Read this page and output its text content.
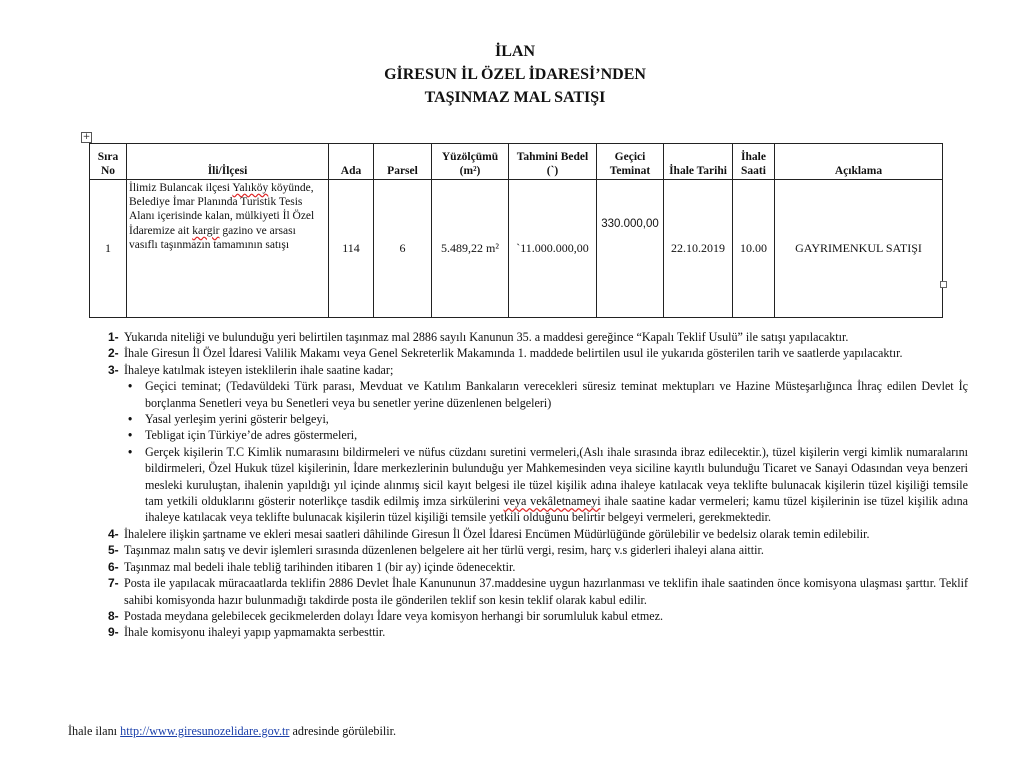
İLAN
GİRESUN İL ÖZEL İDARESİ’NDEN
TAŞINMAZ MAL SATIŞI
+
Sıra No	İli/İlçesi	Ada	Parsel	Yüzölçümü (m²)	Tahmini Bedel (`)	Geçici Teminat	İhale Tarihi	İhale Saati	Açıklama
1	İlimiz Bulancak ilçesi Yalıköy köyünde, Belediye İmar Planında Turistik Tesis Alanı içerisinde kalan, mülkiyeti İl Özel İdaremize ait kargir gazino ve arsası vasıflı taşınmazın tamamının satışı	114	6	5.489,22 m²	`11.000.000,00	330.000,00	22.10.2019	10.00	GAYRIMENKUL SATIŞI
1- Yukarıda niteliği ve bulunduğu yeri belirtilen taşınmaz mal 2886 sayılı Kanunun 35. a maddesi gereğince “Kapalı Teklif Usulü” ile satışı yapılacaktır.
2- İhale Giresun İl Özel İdaresi Valilik Makamı veya Genel Sekreterlik Makamında 1. maddede belirtilen usul ile yukarıda gösterilen tarih ve saatlerde yapılacaktır.
3- İhaleye katılmak isteyen isteklilerin ihale saatine kadar;
• Geçici teminat; (Tedavüldeki Türk parası, Mevduat ve Katılım Bankaların verecekleri süresiz teminat mektupları ve Hazine Müsteşarlığınca İhraç edilen Devlet İç borçlanma Senetleri veya bu Senetleri veya bu senetler yerine düzenlenen belgeleri)
• Yasal yerleşim yerini gösterir belgeyi,
• Tebligat için Türkiye’de adres göstermeleri,
• Gerçek kişilerin T.C Kimlik numarasını bildirmeleri ve nüfus cüzdanı suretini vermeleri,(Aslı ihale sırasında ibraz edilecektir.), tüzel kişilerin vergi kimlik numaralarını bildirmeleri, Özel Hukuk tüzel kişilerinin, İdare merkezlerinin bulunduğu yer Mahkemesinden veya siciline kayıtlı bulunduğu Ticaret ve Sanayi Odasından veya benzeri mesleki kuruluştan, ihalenin yapıldığı yıl içinde alınmış sicil kayıt belgesi ile tüzel kişilik adına ihaleye katılacak veya teklifte bulunacak kişilerin tüzel kişiliği temsile tam yetkili olduklarını gösterir noterlikçe tasdik edilmiş imza sirkülerini veya vekâletnameyi ihale saatine kadar vermeleri; kamu tüzel kişilerinin ise tüzel kişilik adına ihaleye katılacak veya teklifte bulunacak kişilerin tüzel kişiliği temsile yetkili olduğunu belirtir belgeyi vermeleri, gerekmektedir.
4- İhalelere ilişkin şartname ve ekleri mesai saatleri dâhilinde Giresun İl Özel İdaresi Encümen Müdürlüğünde görülebilir ve bedelsiz olarak temin edilebilir.
5- Taşınmaz malın satış ve devir işlemleri sırasında düzenlenen belgelere ait her türlü vergi, resim, harç v.s giderleri ihaleyi alana aittir.
6- Taşınmaz mal bedeli ihale tebliğ tarihinden itibaren 1 (bir ay) içinde ödenecektir.
7- Posta ile yapılacak müracaatlarda teklifin 2886 Devlet İhale Kanununun 37.maddesine uygun hazırlanması ve teklifin ihale saatinden önce komisyona ulaşması şarttır. Teklif sahibi komisyonda hazır bulunmadığı takdirde posta ile gönderilen teklif son kesin teklif olarak kabul edilir.
8- Postada meydana gelebilecek gecikmelerden dolayı İdare veya komisyon herhangi bir sorumluluk kabul etmez.
9- İhale komisyonu ihaleyi yapıp yapmamakta serbesttir.
İhale ilanı http://www.giresunozelidare.gov.tr adresinde görülebilir.
